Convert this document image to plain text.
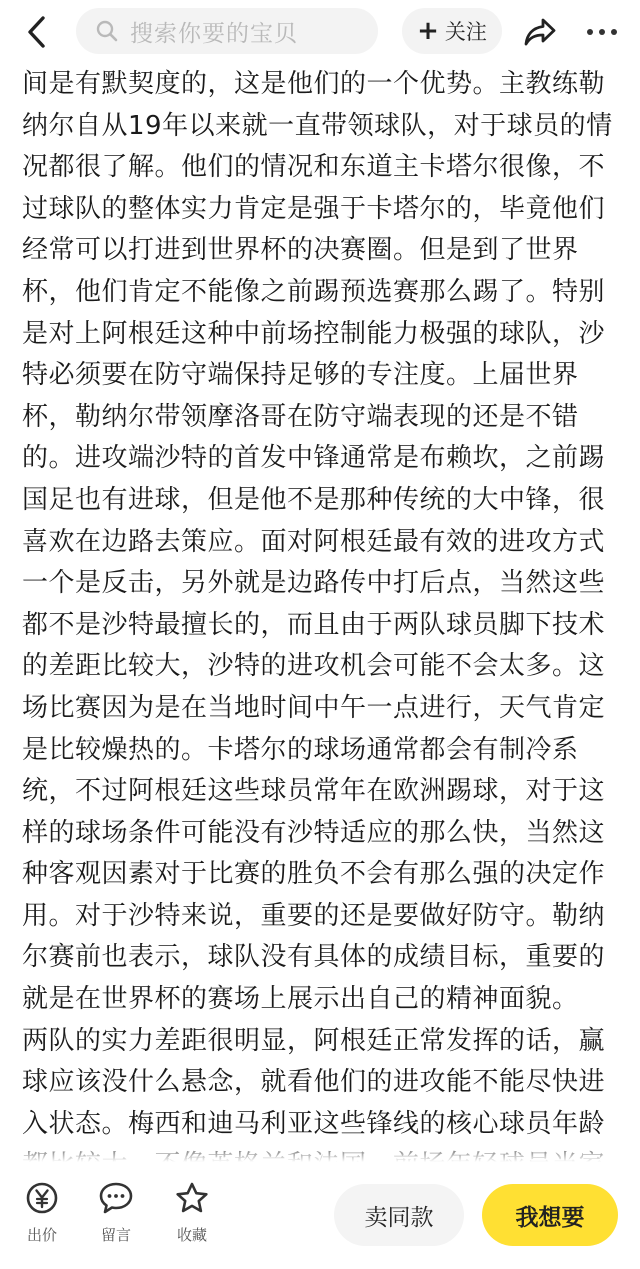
搜索你要的宝贝	+ 关注

间是有默契度的，这是他们的一个优势。主教练勒纳尔自从19年以来就一直带领球队，对于球员的情况都很了解。他们的情况和东道主卡塔尔很像，不过球队的整体实力肯定是强于卡塔尔的，毕竟他们经常可以打进到世界杯的决赛圈。但是到了世界杯，他们肯定不能像之前踢预选赛那么踢了。特别是对上阿根廷这种中前场控制能力极强的球队，沙特必须要在防守端保持足够的专注度。上届世界杯，勒纳尔带领摩洛哥在防守端表现的还是不错的。进攻端沙特的首发中锋通常是布赖坎，之前踢国足也有进球，但是他不是那种传统的大中锋，很喜欢在边路去策应。面对阿根廷最有效的进攻方式一个是反击，另外就是边路传中打后点，当然这些都不是沙特最擅长的，而且由于两队球员脚下技术的差距比较大，沙特的进攻机会可能不会太多。这场比赛因为是在当地时间中午一点进行，天气肯定是比较燥热的。卡塔尔的球场通常都会有制冷系统，不过阿根廷这些球员常年在欧洲踢球，对于这样的球场条件可能没有沙特适应的那么快，当然这种客观因素对于比赛的胜负不会有那么强的决定作用。对于沙特来说，重要的还是要做好防守。勒纳尔赛前也表示，球队没有具体的成绩目标，重要的就是在世界杯的赛场上展示出自己的精神面貌。

两队的实力差距很明显，阿根廷正常发挥的话，赢球应该没什么悬念，就看他们的进攻能不能尽快进入状态。梅西和迪马利亚这些锋线的核心球员年龄

出价	留言	收藏
卖同款	我想要
